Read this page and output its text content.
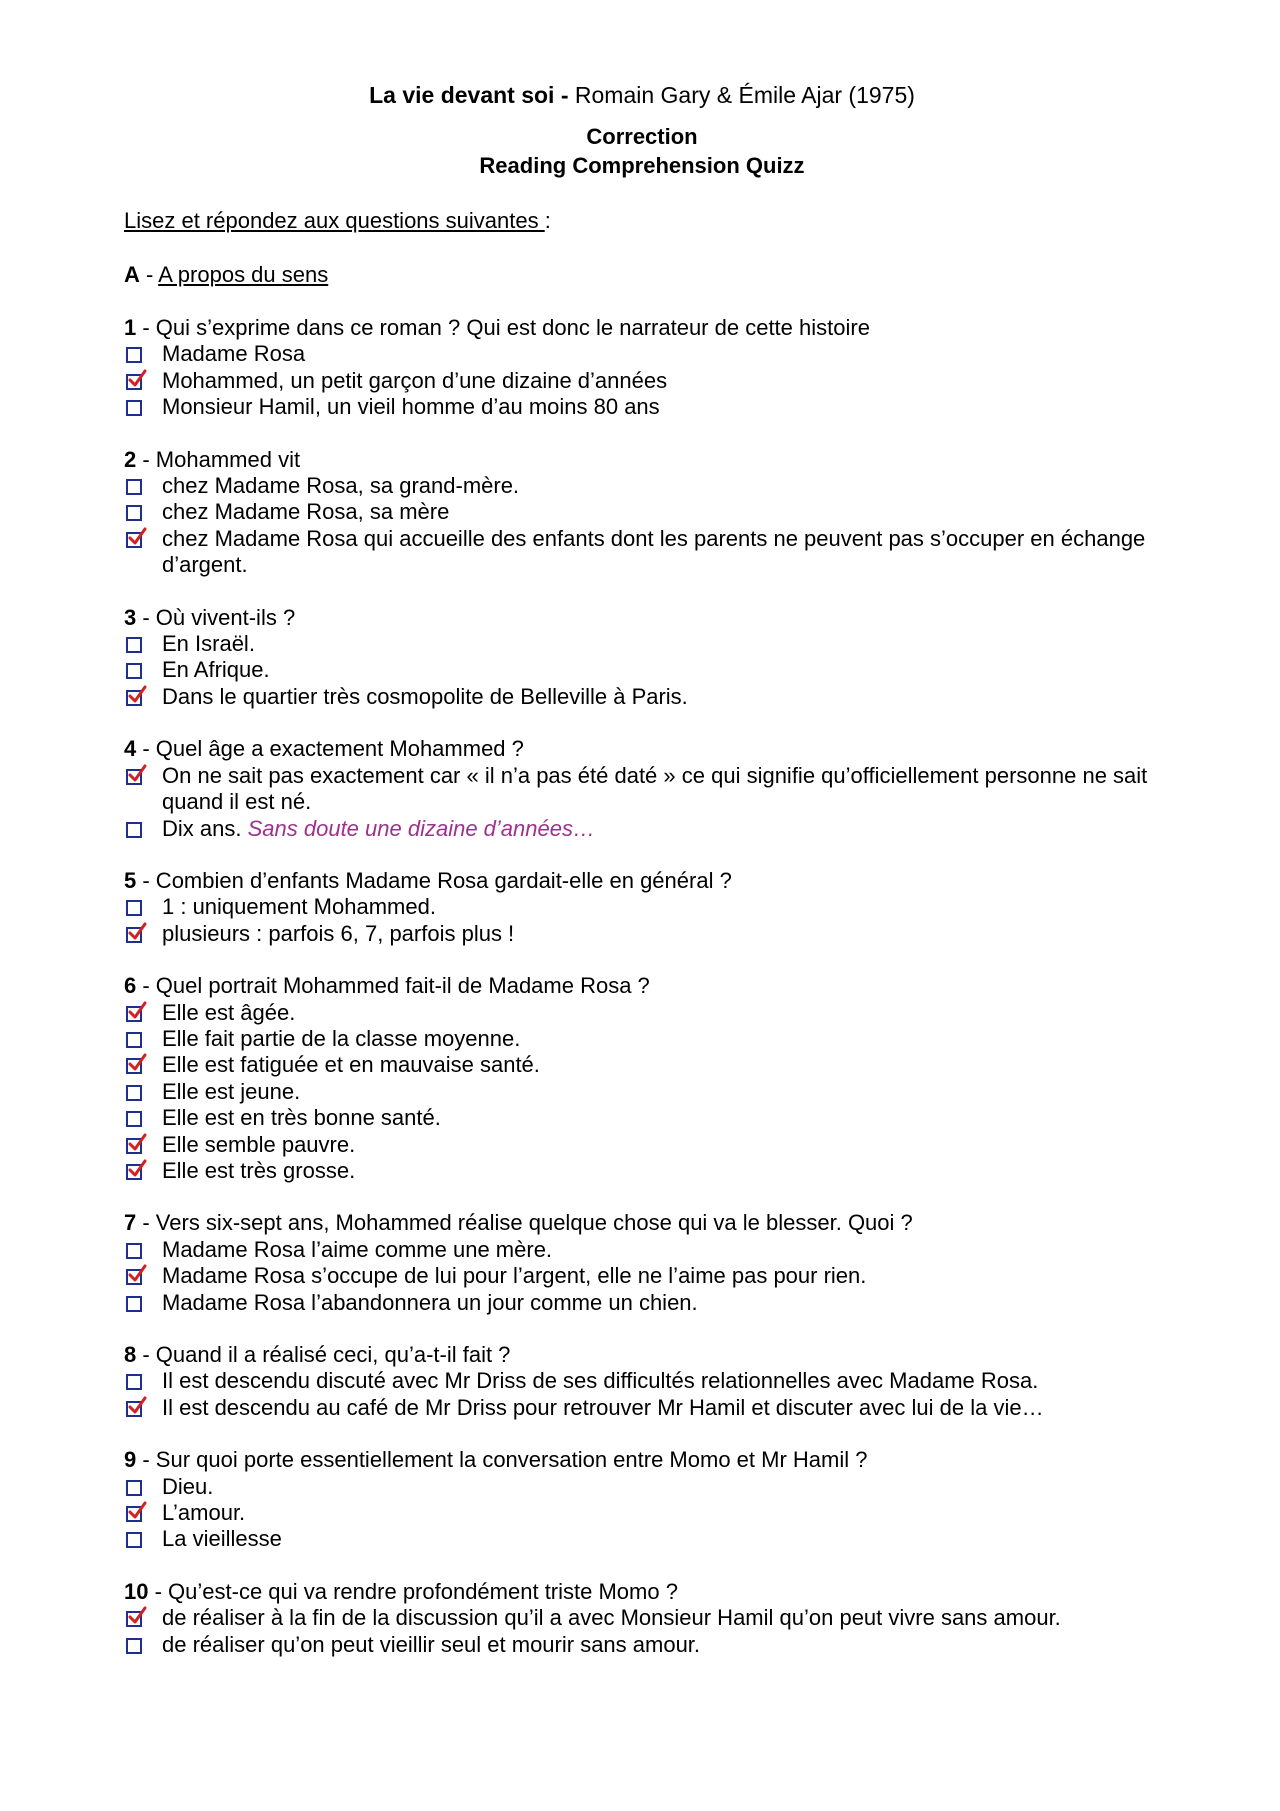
La vie devant soi - Romain Gary & Émile Ajar (1975)

Correction

Reading Comprehension Quizz

Lisez et répondez aux questions suivantes :

A - A propos du sens

1 - Qui s’exprime dans ce roman ? Qui est donc le narrateur de cette histoire

Madame Rosa
Mohammed, un petit garçon d’une dizaine d’années
Monsieur Hamil, un vieil homme d’au moins 80 ans

2 - Mohammed vit

chez Madame Rosa, sa grand-mère.
chez Madame Rosa, sa mère
chez Madame Rosa qui accueille des enfants dont les parents ne peuvent pas s’occuper en échange d’argent.

3 - Où vivent-ils ?

En Israël.
En Afrique.
Dans le quartier très cosmopolite de Belleville à Paris.

4 - Quel âge a exactement Mohammed ?

On ne sait pas exactement car « il n’a pas été daté » ce qui signifie qu’officiellement personne ne sait quand il est né.
Dix ans. Sans doute une dizaine d’années…

5 - Combien d’enfants Madame Rosa gardait-elle en général ?

1 : uniquement Mohammed.
plusieurs : parfois 6, 7, parfois plus !

6 - Quel portrait Mohammed fait-il de Madame Rosa ?

Elle est âgée.
Elle fait partie de la classe moyenne.
Elle est fatiguée et en mauvaise santé.
Elle est jeune.
Elle est en très bonne santé.
Elle semble pauvre.
Elle est très grosse.

7 - Vers six-sept ans, Mohammed réalise quelque chose qui va le blesser. Quoi ?

Madame Rosa l’aime comme une mère.
Madame Rosa s’occupe de lui pour l’argent, elle ne l’aime pas pour rien.
Madame Rosa l’abandonnera un jour comme un chien.

8 - Quand il a réalisé ceci, qu’a-t-il fait ?

Il est descendu discuté avec Mr Driss de ses difficultés relationnelles avec Madame Rosa.
Il est descendu au café de Mr Driss pour retrouver Mr Hamil et discuter avec lui de la vie…

9 - Sur quoi porte essentiellement la conversation entre Momo et Mr Hamil ?

Dieu.
L’amour.
La vieillesse

10 - Qu’est-ce qui va rendre profondément triste Momo ?

de réaliser à la fin de la discussion qu’il a avec Monsieur Hamil qu’on peut vivre sans amour.
de réaliser qu’on peut vieillir seul et mourir sans amour.
